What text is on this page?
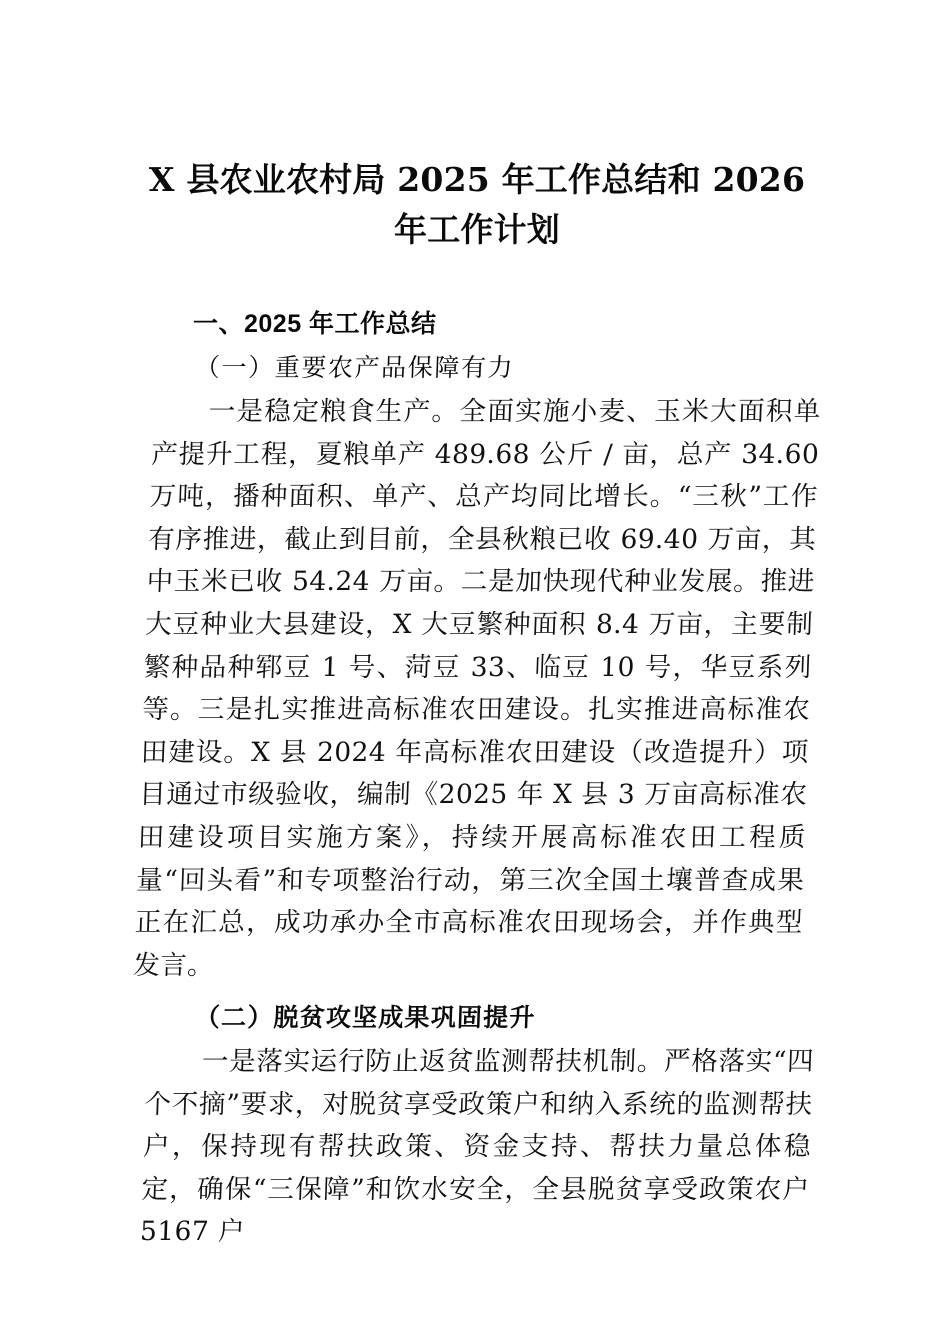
X 县农业农村局 2025 年工作总结和 2026 年工作计划

一、2025 年工作总结

（一）重要农产品保障有力

一是稳定粮食生产。全面实施小麦、玉米大面积单产提升工程，夏粮单产 489.68 公斤 / 亩，总产 34.60 万吨，播种面积、单产、总产均同比增长。“三秋”工作有序推进，截止到目前，全县秋粮已收 69.40 万亩，其中玉米已收 54.24 万亩。二是加快现代种业发展。推进大豆种业大县建设，X 大豆繁种面积 8.4 万亩，主要制繁种品种郓豆 1 号、菏豆 33、临豆 10 号，华豆系列等。三是扎实推进高标准农田建设。扎实推进高标准农田建设。X 县 2024 年高标准农田建设（改造提升）项目通过市级验收，编制《2025 年 X 县 3 万亩高标准农田建设项目实施方案》，持续开展高标准农田工程质量“回头看”和专项整治行动，第三次全国土壤普查成果正在汇总，成功承办全市高标准农田现场会，并作典型发言。

（二）脱贫攻坚成果巩固提升

一是落实运行防止返贫监测帮扶机制。严格落实“四个不摘”要求，对脱贫享受政策户和纳入系统的监测帮扶户，保持现有帮扶政策、资金支持、帮扶力量总体稳定，确保“三保障”和饮水安全，全县脱贫享受政策农户 5167 户
